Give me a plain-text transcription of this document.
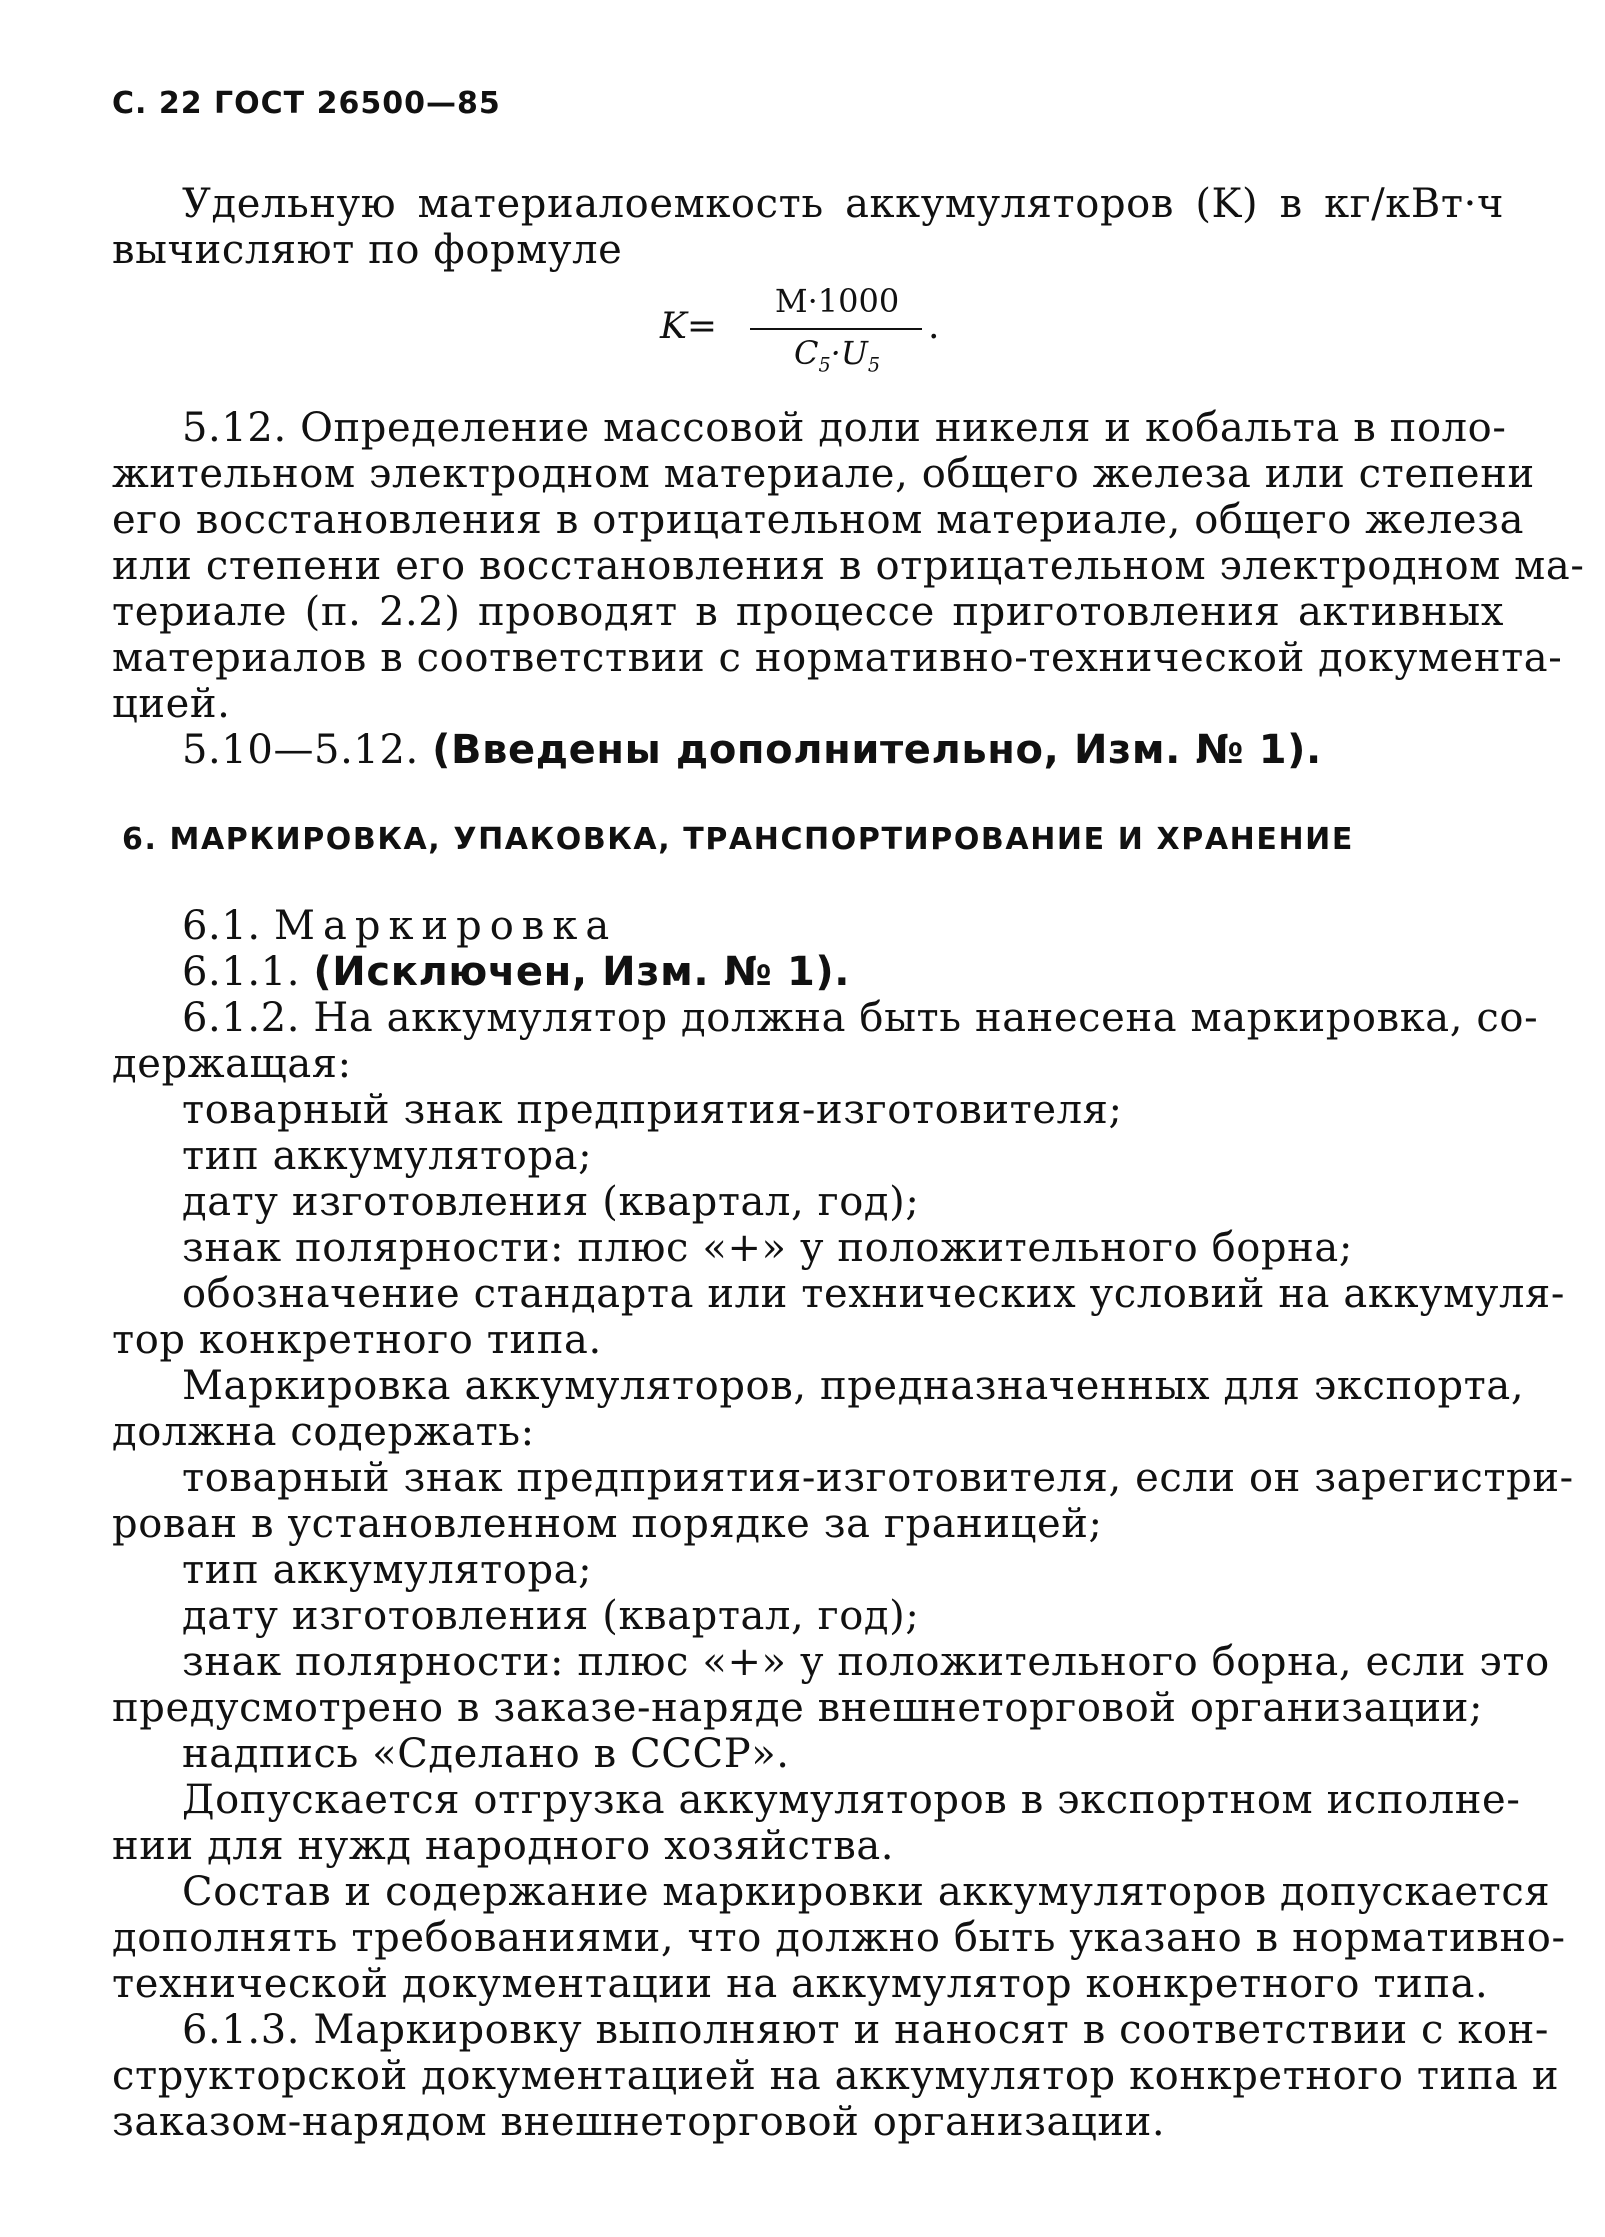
С. 22 ГОСТ 26500—85
Удельную материалоемкость аккумуляторов (K) в кг/кВт·ч
вычисляют по формуле
K=
M·1000
$C_5\cdot U_5$
.
5.12. Определение массовой доли никеля и кобальта в поло-
жительном электродном материале, общего железа или степени
его восстановления в отрицательном материале, общего железа
или степени его восстановления в отрицательном электродном ма-
териале (п. 2.2) проводят в процессе приготовления активных
материалов в соответствии с нормативно-технической документа-
цией.
5.10—5.12. (Введены дополнительно, Изм. № 1).
6. МАРКИРОВКА, УПАКОВКА, ТРАНСПОРТИРОВАНИЕ И ХРАНЕНИЕ
6.1. Маркировка
6.1.1. (Исключен, Изм. № 1).
6.1.2. На аккумулятор должна быть нанесена маркировка, со-
держащая:
товарный знак предприятия-изготовителя;
тип аккумулятора;
дату изготовления (квартал, год);
знак полярности: плюс «+» у положительного борна;
обозначение стандарта или технических условий на аккумуля-
тор конкретного типа.
Маркировка аккумуляторов, предназначенных для экспорта,
должна содержать:
товарный знак предприятия-изготовителя, если он зарегистри-
рован в установленном порядке за границей;
тип аккумулятора;
дату изготовления (квартал, год);
знак полярности: плюс «+» у положительного борна, если это
предусмотрено в заказе-наряде внешнеторговой организации;
надпись «Сделано в СССР».
Допускается отгрузка аккумуляторов в экспортном исполне-
нии для нужд народного хозяйства.
Состав и содержание маркировки аккумуляторов допускается
дополнять требованиями, что должно быть указано в нормативно-
технической документации на аккумулятор конкретного типа.
6.1.3. Маркировку выполняют и наносят в соответствии с кон-
структорской документацией на аккумулятор конкретного типа и
заказом-нарядом внешнеторговой организации.
